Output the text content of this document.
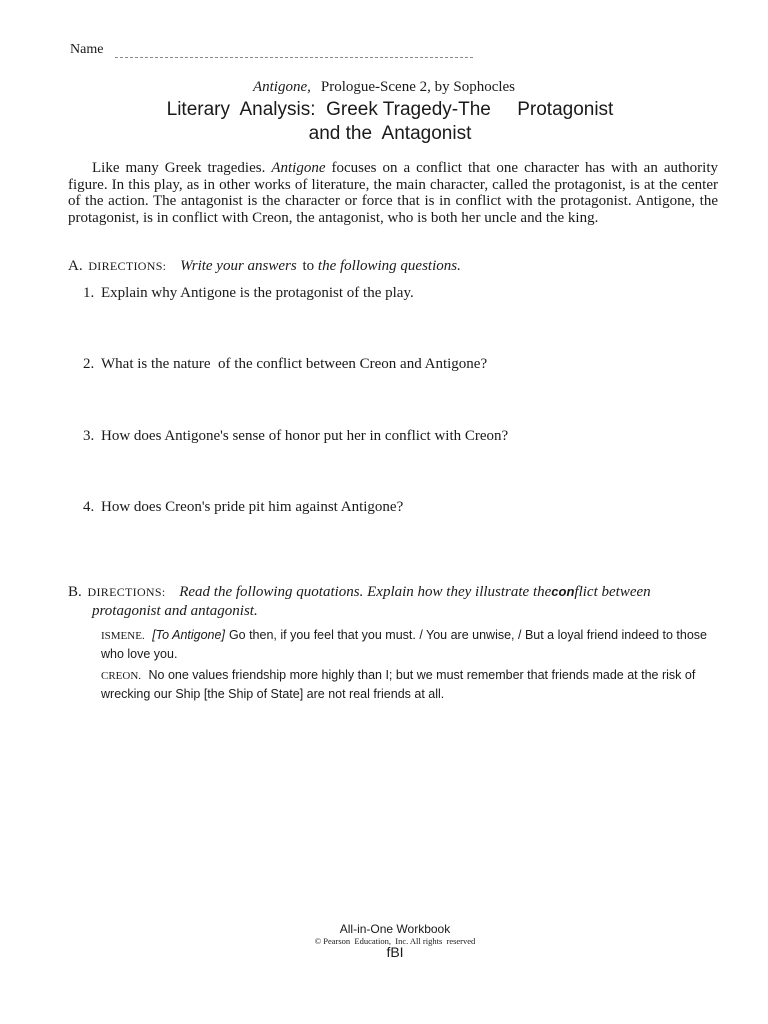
Name
Antigone, Prologue-Scene 2, by Sophocles
Literary  Analysis:  Greek Tragedy-The     Protagonist
and the  Antagonist
Like many Greek tragedies. Antigone focuses on a conflict that one character has with an authority figure. In this play, as in other works of literature, the main character, called the protagonist, is at the center of the action. The antagonist is the character or force that is in conflict with the protagonist. Antigone, the protagonist, is in conflict with Creon, the antagonist, who is both her uncle and the king.
A. DIRECTIONS: Write your answers to the following questions.
1. Explain why Antigone is the protagonist of the play.
2. What is the nature  of the conflict between Creon and Antigone?
3. How does Antigone's sense of honor put her in conflict with Creon?
4. How does Creon's pride pit him against Antigone?
B. DIRECTIONS: Read the following quotations. Explain how they illustrate theconflict between
protagonist and antagonist.
ISMENE. [To Antigone] Go then, if you feel that you must. / You are unwise, / But a loyal friend indeed to those who love you.
CREON. No one values friendship more highly than I; but we must remember that friends made at the risk of wrecking our Ship [the Ship of State] are not real friends at all.
All-in-One Workbook
© Pearson  Education,  Inc. All rights  reserved
fBI
